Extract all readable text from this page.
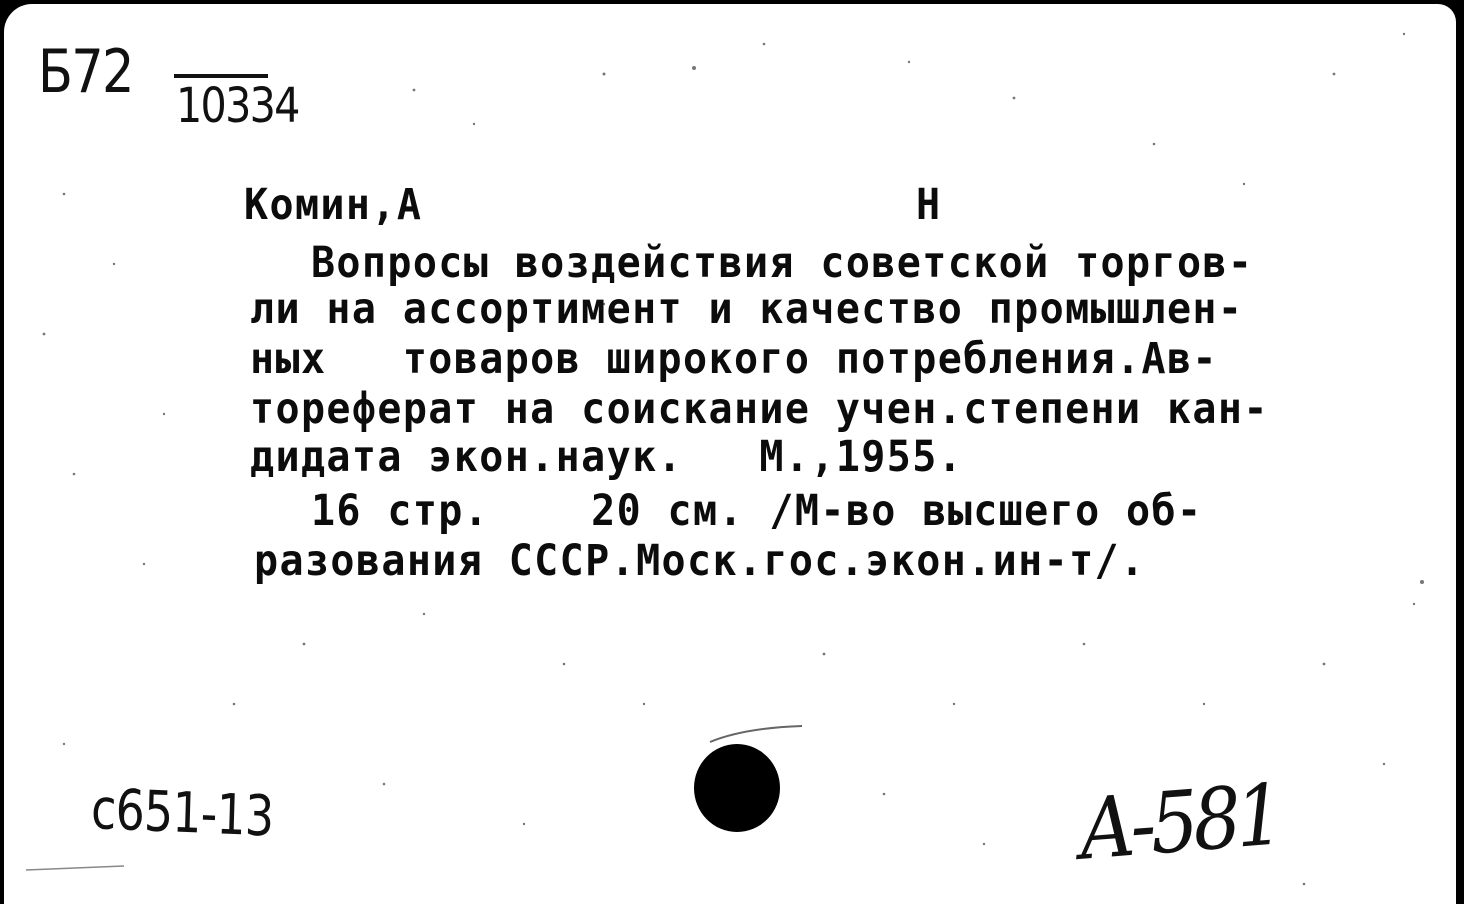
Б72 10334
Комин,А	Н
Вопросы воздействия советской торгов-
ли на ассортимент и качество промышлен-
ных   товаров широкого потребления.Ав-
тореферат на соискание учен.степени кан-
дидата экон.наук.   М.,1955.
16 стр.    20 см. /М-во высшего об-
разования СССР.Моск.гос.экон.ин-т/.
с651-13	А-581
